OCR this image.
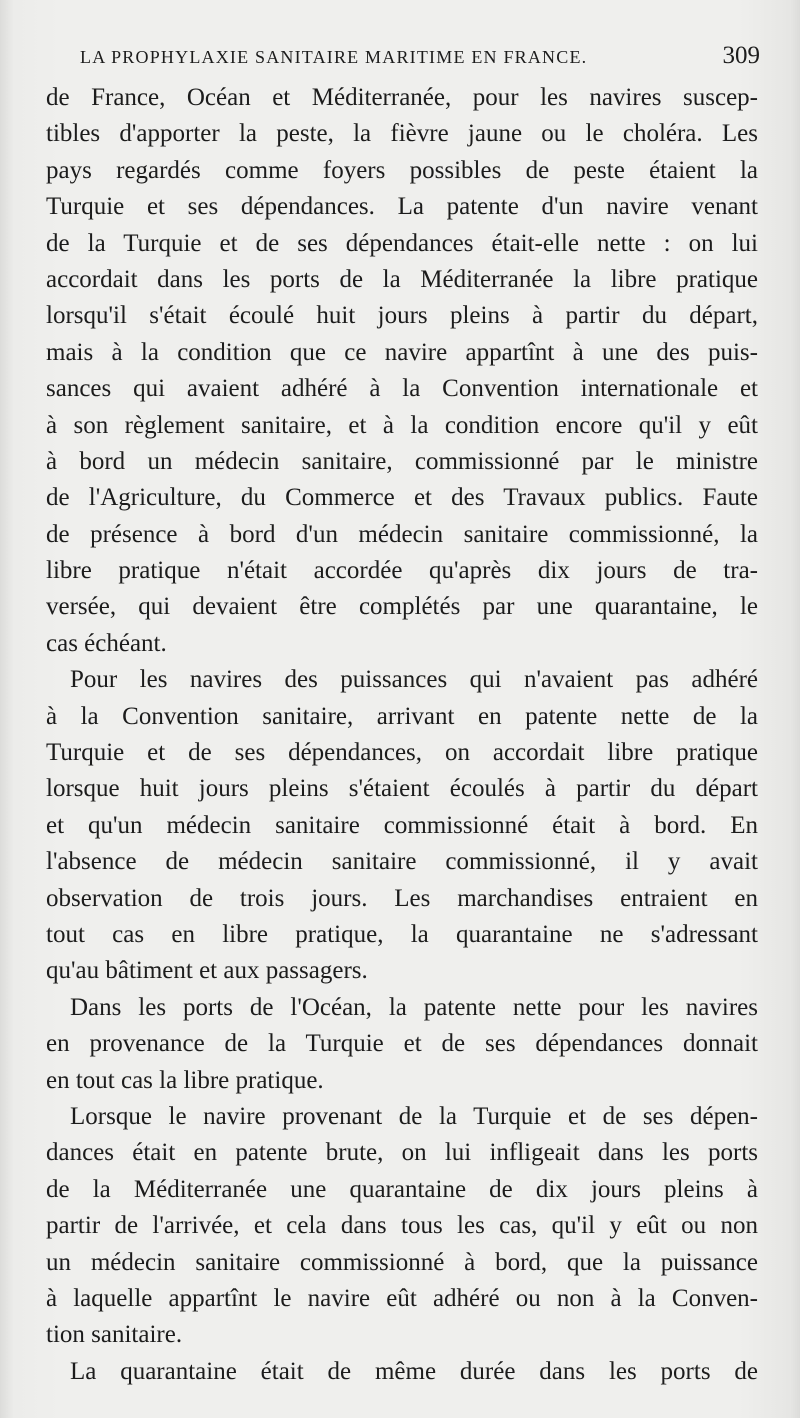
LA PROPHYLAXIE SANITAIRE MARITIME EN FRANCE.	309
de France, Océan et Méditerranée, pour les navires suscep-
tibles d'apporter la peste, la fièvre jaune ou le choléra. Les
pays regardés comme foyers possibles de peste étaient la
Turquie et ses dépendances. La patente d'un navire venant
de la Turquie et de ses dépendances était-elle nette : on lui
accordait dans les ports de la Méditerranée la libre pratique
lorsqu'il s'était écoulé huit jours pleins à partir du départ,
mais à la condition que ce navire appartînt à une des puis-
sances qui avaient adhéré à la Convention internationale et
à son règlement sanitaire, et à la condition encore qu'il y eût
à bord un médecin sanitaire, commissionné par le ministre
de l'Agriculture, du Commerce et des Travaux publics. Faute
de présence à bord d'un médecin sanitaire commissionné, la
libre pratique n'était accordée qu'après dix jours de tra-
versée, qui devaient être complétés par une quarantaine, le
cas échéant.
Pour les navires des puissances qui n'avaient pas adhéré
à la Convention sanitaire, arrivant en patente nette de la
Turquie et de ses dépendances, on accordait libre pratique
lorsque huit jours pleins s'étaient écoulés à partir du départ
et qu'un médecin sanitaire commissionné était à bord. En
l'absence de médecin sanitaire commissionné, il y avait
observation de trois jours. Les marchandises entraient en
tout cas en libre pratique, la quarantaine ne s'adressant
qu'au bâtiment et aux passagers.
Dans les ports de l'Océan, la patente nette pour les navires
en provenance de la Turquie et de ses dépendances donnait
en tout cas la libre pratique.
Lorsque le navire provenant de la Turquie et de ses dépen-
dances était en patente brute, on lui infligeait dans les ports
de la Méditerranée une quarantaine de dix jours pleins à
partir de l'arrivée, et cela dans tous les cas, qu'il y eût ou non
un médecin sanitaire commissionné à bord, que la puissance
à laquelle appartînt le navire eût adhéré ou non à la Conven-
tion sanitaire.
La quarantaine était de même durée dans les ports de
